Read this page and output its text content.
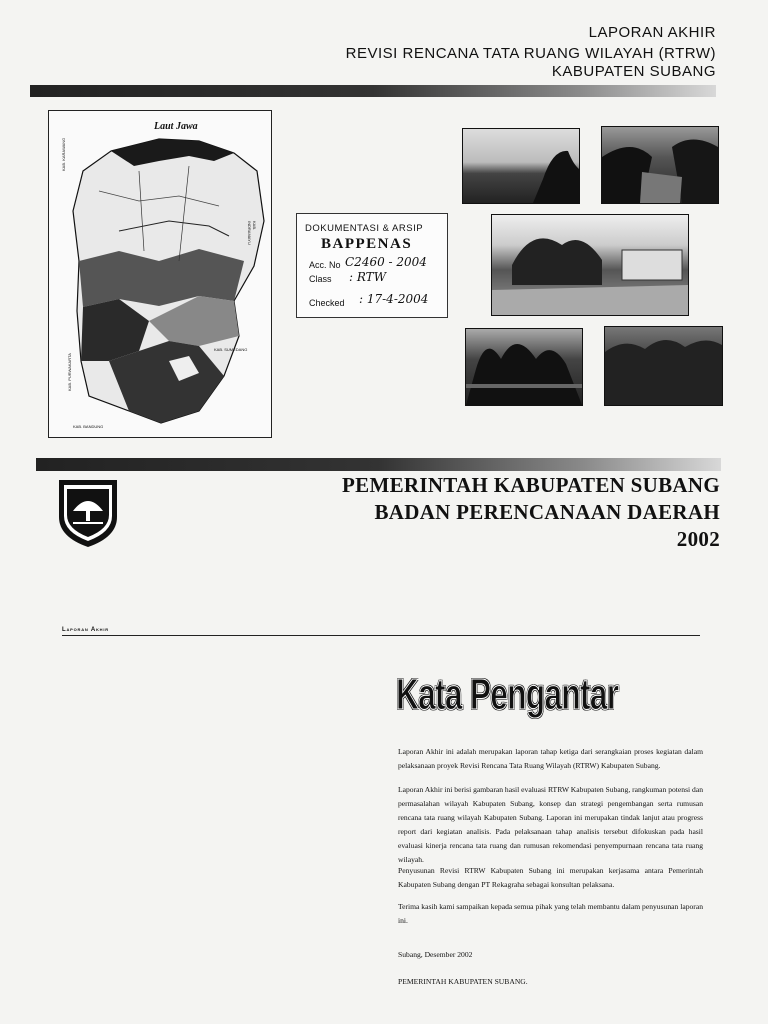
LAPORAN AKHIR
REVISI RENCANA TATA RUANG WILAYAH (RTRW)
KABUPATEN SUBANG
Laut Jawa
KAB. KARAWANG
KAB. INDRAMAYU
KAB. PURWAKARTA
KAB. SUMEDANG
KAB. BANDUNG
DOKUMENTASI & ARSIP
BAPPENAS
Acc. No C2460 - 2004
Class : RTW
Checked : 17-4-2004
PEMERINTAH KABUPATEN SUBANG
BADAN PERENCANAAN DAERAH
2002
Laporan Akhir
Kata Pengantar
Laporan Akhir ini adalah merupakan laporan tahap ketiga dari serangkaian proses kegiatan dalam pelaksanaan proyek Revisi Rencana Tata Ruang Wilayah (RTRW) Kabupaten Subang.
Laporan Akhir ini berisi gambaran hasil evaluasi RTRW Kabupaten Subang, rangkuman potensi dan permasalahan wilayah Kabupaten Subang, konsep dan strategi pengembangan serta rumusan rencana tata ruang wilayah Kabupaten Subang. Laporan ini merupakan tindak lanjut atau progress report dari kegiatan analisis. Pada pelaksanaan tahap analisis tersebut difokuskan pada hasil evaluasi kinerja rencana tata ruang dan rumusan rekomendasi penyempurnaan rencana tata ruang wilayah.
Penyusunan Revisi RTRW Kabupaten Subang ini merupakan kerjasama antara Pemerintah Kabupaten Subang dengan PT Rekagraha sebagai konsultan pelaksana.
Terima kasih kami sampaikan kepada semua pihak yang telah membantu dalam penyusunan laporan ini.
Subang, Desember 2002
PEMERINTAH KABUPATEN SUBANG.
